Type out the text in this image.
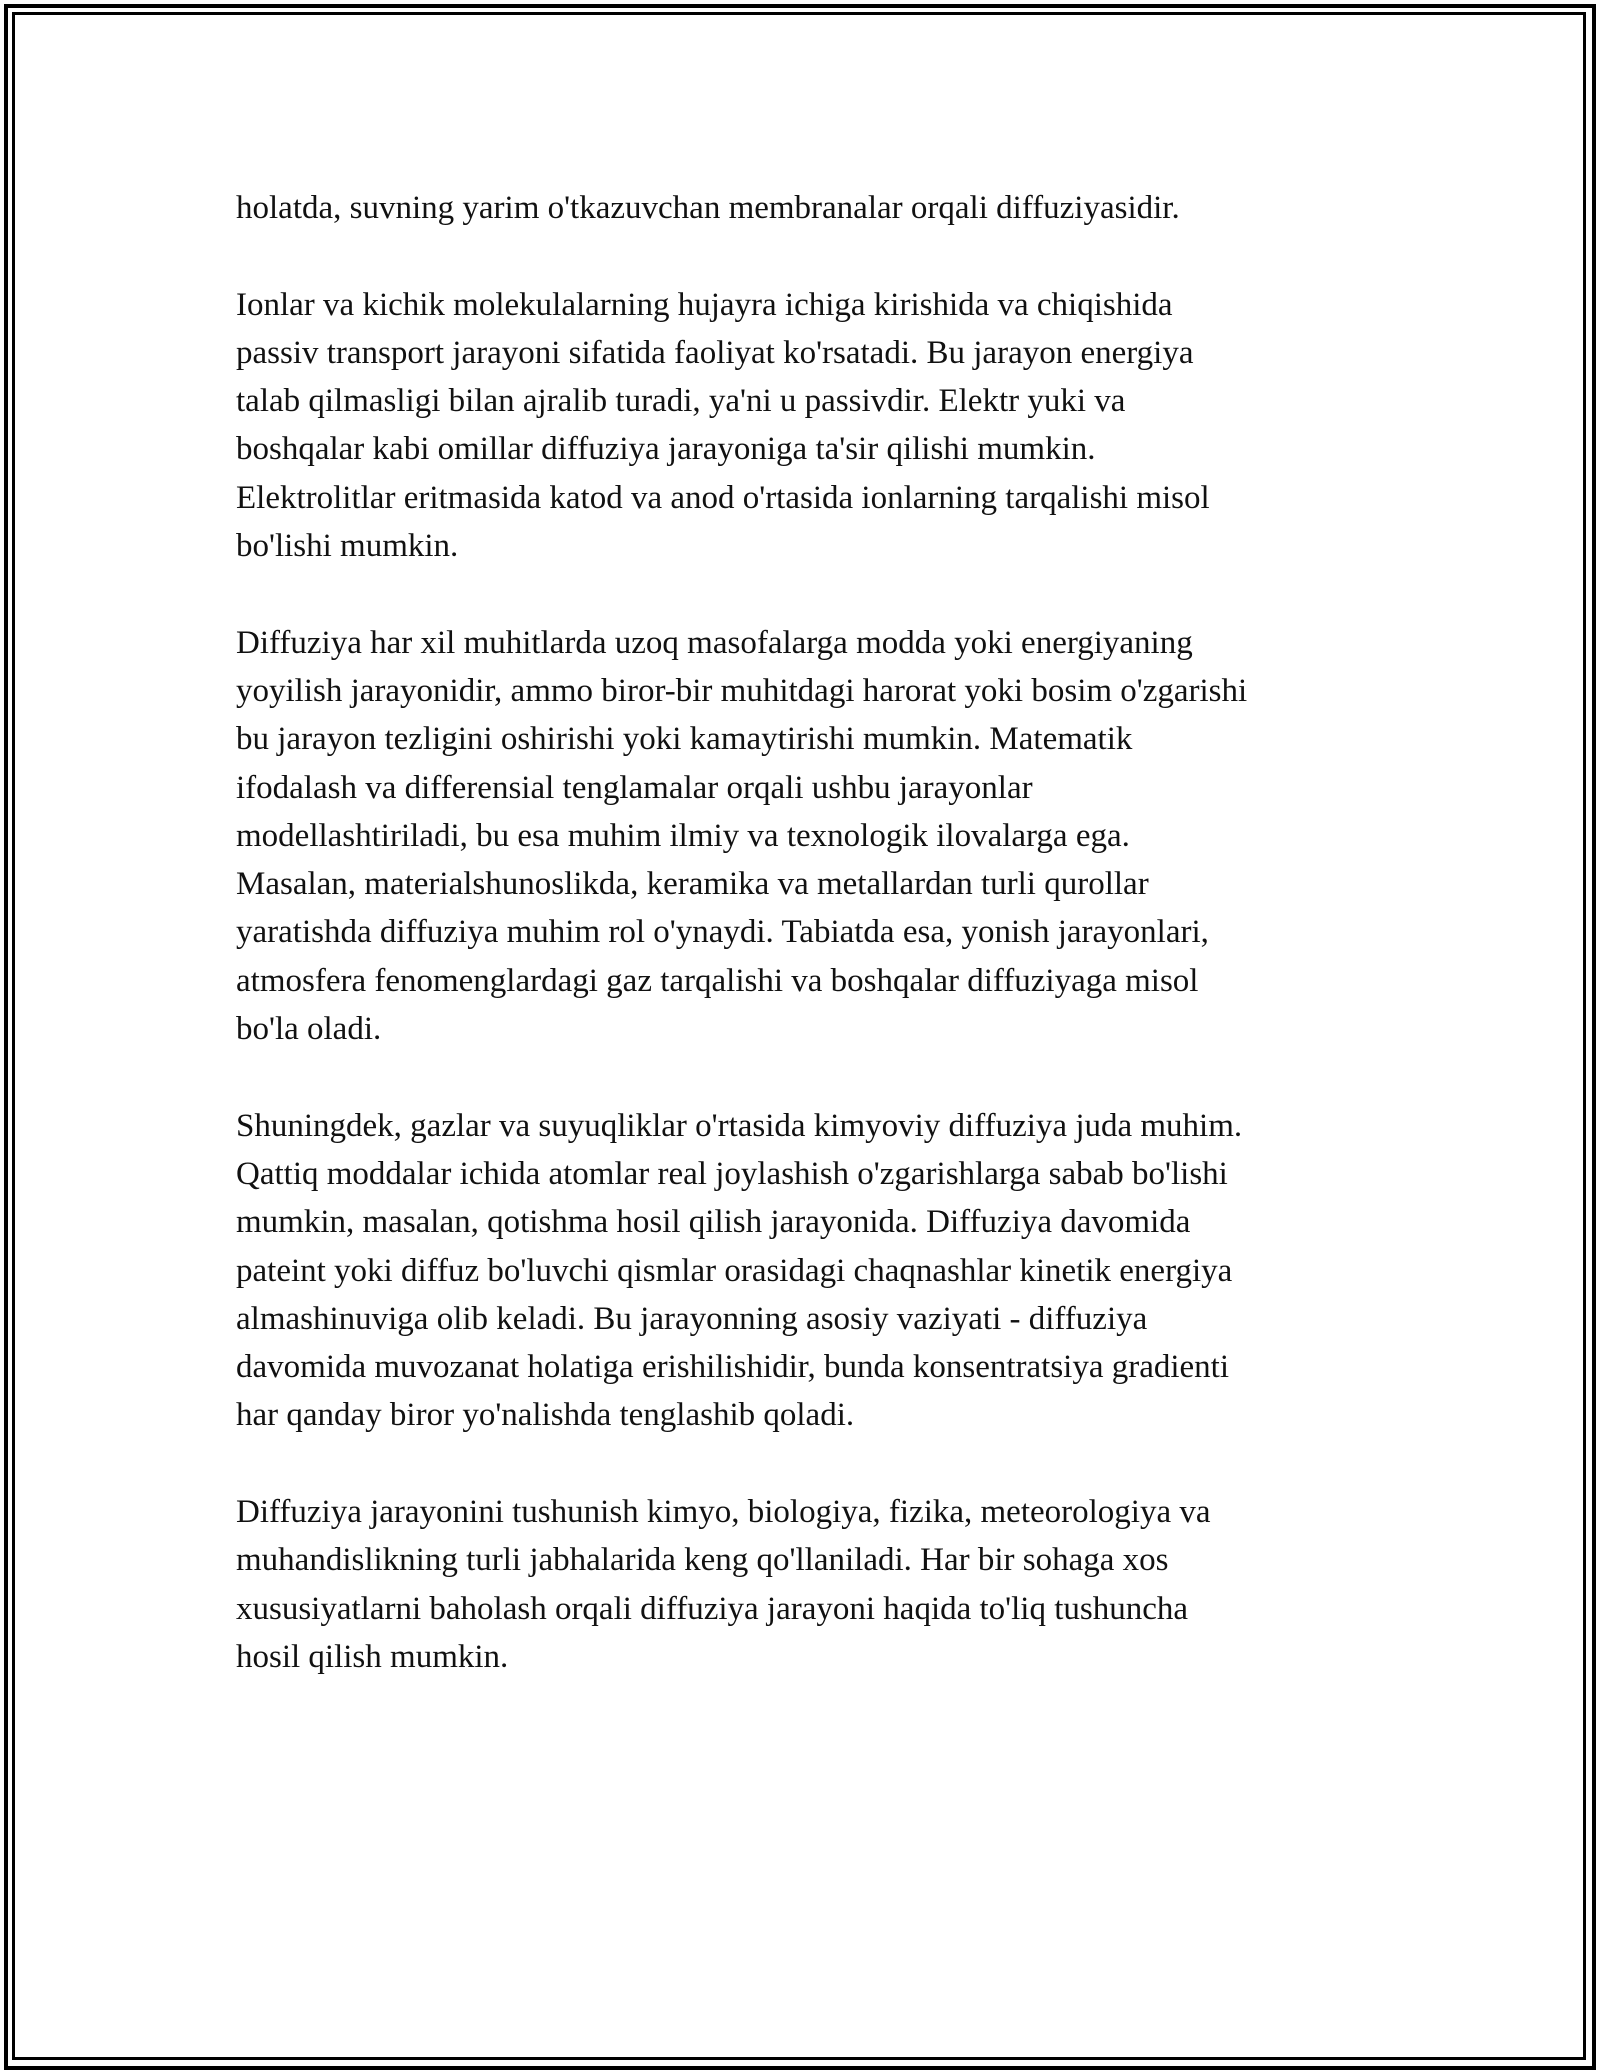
holatda, suvning yarim o'tkazuvchan membranalar orqali diffuziyasidir.

Ionlar va kichik molekulalarning hujayra ichiga kirishida va chiqishida
passiv transport jarayoni sifatida faoliyat ko'rsatadi. Bu jarayon energiya
talab qilmasligi bilan ajralib turadi, ya'ni u passivdir. Elektr yuki va
boshqalar kabi omillar diffuziya jarayoniga ta'sir qilishi mumkin.
Elektrolitlar eritmasida katod va anod o'rtasida ionlarning tarqalishi misol
bo'lishi mumkin.

Diffuziya har xil muhitlarda uzoq masofalarga modda yoki energiyaning
yoyilish jarayonidir, ammo biror-bir muhitdagi harorat yoki bosim o'zgarishi
bu jarayon tezligini oshirishi yoki kamaytirishi mumkin. Matematik
ifodalash va differensial tenglamalar orqali ushbu jarayonlar
modellashtiriladi, bu esa muhim ilmiy va texnologik ilovalarga ega.
Masalan, materialshunoslikda, keramika va metallardan turli qurollar
yaratishda diffuziya muhim rol o'ynaydi. Tabiatda esa, yonish jarayonlari,
atmosfera fenomenglardagi gaz tarqalishi va boshqalar diffuziyaga misol
bo'la oladi.

Shuningdek, gazlar va suyuqliklar o'rtasida kimyoviy diffuziya juda muhim.
Qattiq moddalar ichida atomlar real joylashish o'zgarishlarga sabab bo'lishi
mumkin, masalan, qotishma hosil qilish jarayonida. Diffuziya davomida
pateint yoki diffuz bo'luvchi qismlar orasidagi chaqnashlar kinetik energiya
almashinuviga olib keladi. Bu jarayonning asosiy vaziyati - diffuziya
davomida muvozanat holatiga erishilishidir, bunda konsentratsiya gradienti
har qanday biror yo'nalishda tenglashib qoladi.

Diffuziya jarayonini tushunish kimyo, biologiya, fizika, meteorologiya va
muhandislikning turli jabhalarida keng qo'llaniladi. Har bir sohaga xos
xususiyatlarni baholash orqali diffuziya jarayoni haqida to'liq tushuncha
hosil qilish mumkin.
